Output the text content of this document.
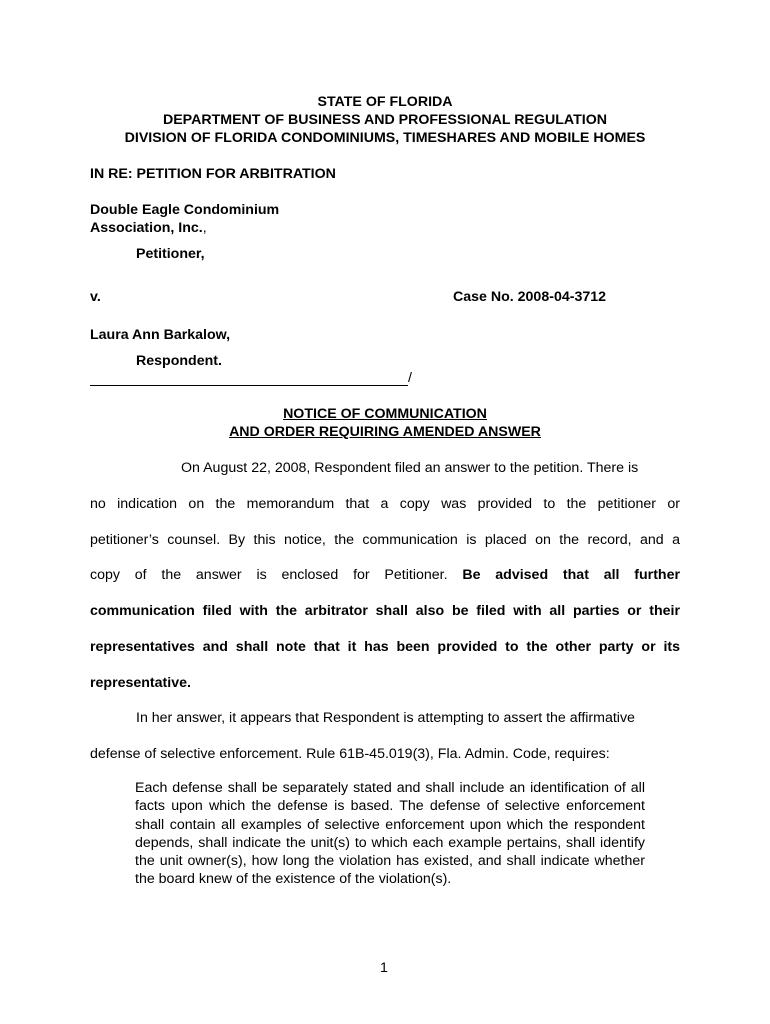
STATE OF FLORIDA
DEPARTMENT OF BUSINESS AND PROFESSIONAL REGULATION
DIVISION OF FLORIDA CONDOMINIUMS, TIMESHARES AND MOBILE HOMES
IN RE: PETITION FOR ARBITRATION
Double Eagle Condominium
Association, Inc.,
Petitioner,
v.	Case No. 2008-04-3712
Laura Ann Barkalow,
Respondent.
/
NOTICE OF COMMUNICATION
AND ORDER REQUIRING AMENDED ANSWER
On August 22, 2008, Respondent filed an answer to the petition. There is
no indication on the memorandum that a copy was provided to the petitioner or
petitioner’s counsel. By this notice, the communication is placed on the record, and a
copy of the answer is enclosed for Petitioner. Be advised that all further
communication filed with the arbitrator shall also be filed with all parties or their
representatives and shall note that it has been provided to the other party or its
representative.
In her answer, it appears that Respondent is attempting to assert the affirmative
defense of selective enforcement. Rule 61B-45.019(3), Fla. Admin. Code, requires:
Each defense shall be separately stated and shall include an identification of all facts upon which the defense is based. The defense of selective enforcement shall contain all examples of selective enforcement upon which the respondent depends, shall indicate the unit(s) to which each example pertains, shall identify the unit owner(s), how long the violation has existed, and shall indicate whether the board knew of the existence of the violation(s).
1
